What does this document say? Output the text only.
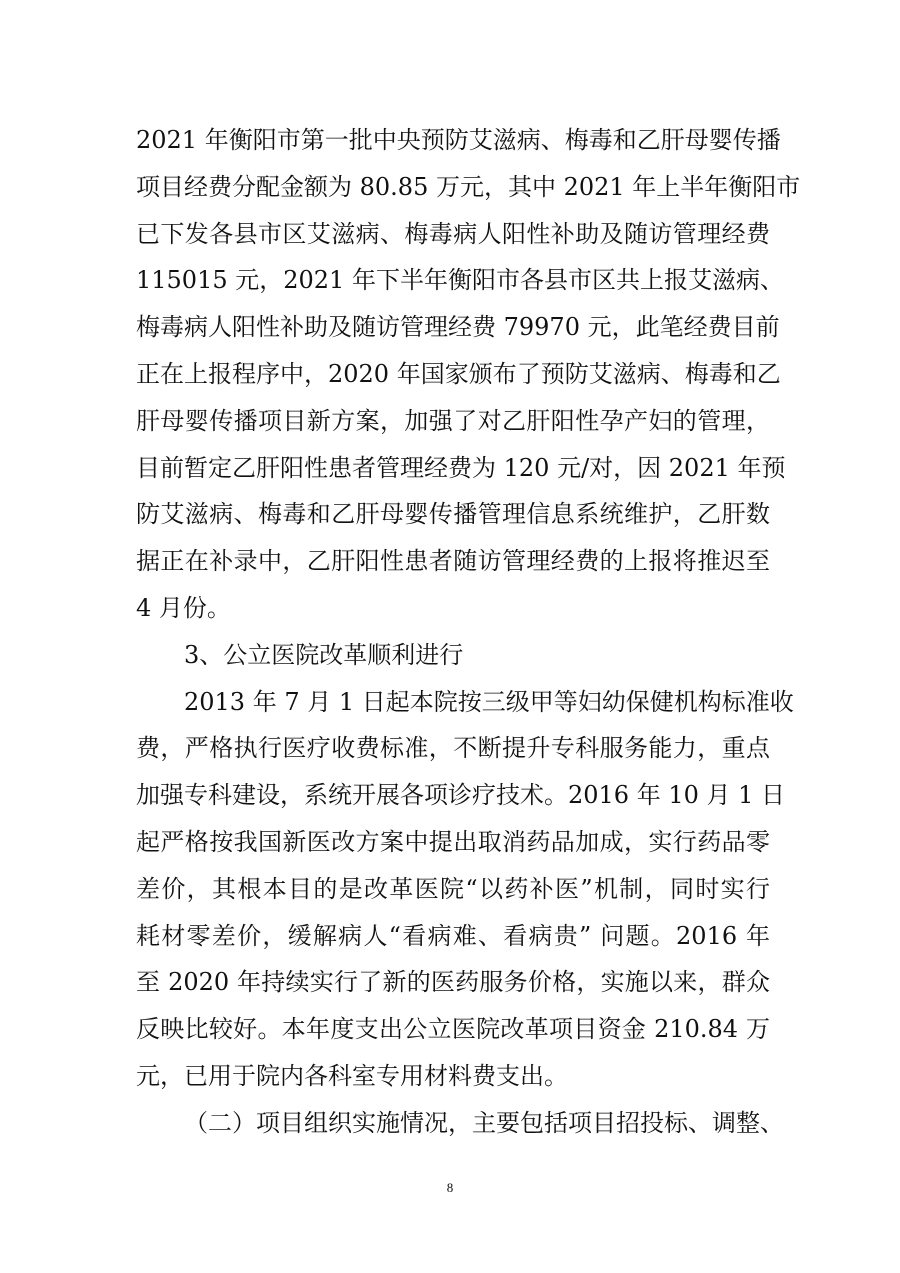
2021 年衡阳市第一批中央预防艾滋病、梅毒和乙肝母婴传播
项目经费分配金额为 80.85 万元，其中 2021 年上半年衡阳市
已下发各县市区艾滋病、梅毒病人阳性补助及随访管理经费
115015 元，2021 年下半年衡阳市各县市区共上报艾滋病、
梅毒病人阳性补助及随访管理经费 79970 元，此笔经费目前
正在上报程序中，2020 年国家颁布了预防艾滋病、梅毒和乙
肝母婴传播项目新方案，加强了对乙肝阳性孕产妇的管理，
目前暂定乙肝阳性患者管理经费为 120 元/对，因 2021 年预
防艾滋病、梅毒和乙肝母婴传播管理信息系统维护，乙肝数
据正在补录中，乙肝阳性患者随访管理经费的上报将推迟至
4 月份。
3、公立医院改革顺利进行
2013 年 7 月 1 日起本院按三级甲等妇幼保健机构标准收
费，严格执行医疗收费标准，不断提升专科服务能力，重点
加强专科建设，系统开展各项诊疗技术。2016 年 10 月 1 日
起严格按我国新医改方案中提出取消药品加成，实行药品零
差价，其根本目的是改革医院“以药补医”机制，同时实行
耗材零差价，缓解病人“看病难、看病贵” 问题。2016 年
至 2020 年持续实行了新的医药服务价格，实施以来，群众
反映比较好。本年度支出公立医院改革项目资金 210.84 万
元，已用于院内各科室专用材料费支出。
（二）项目组织实施情况，主要包括项目招投标、调整、
8
